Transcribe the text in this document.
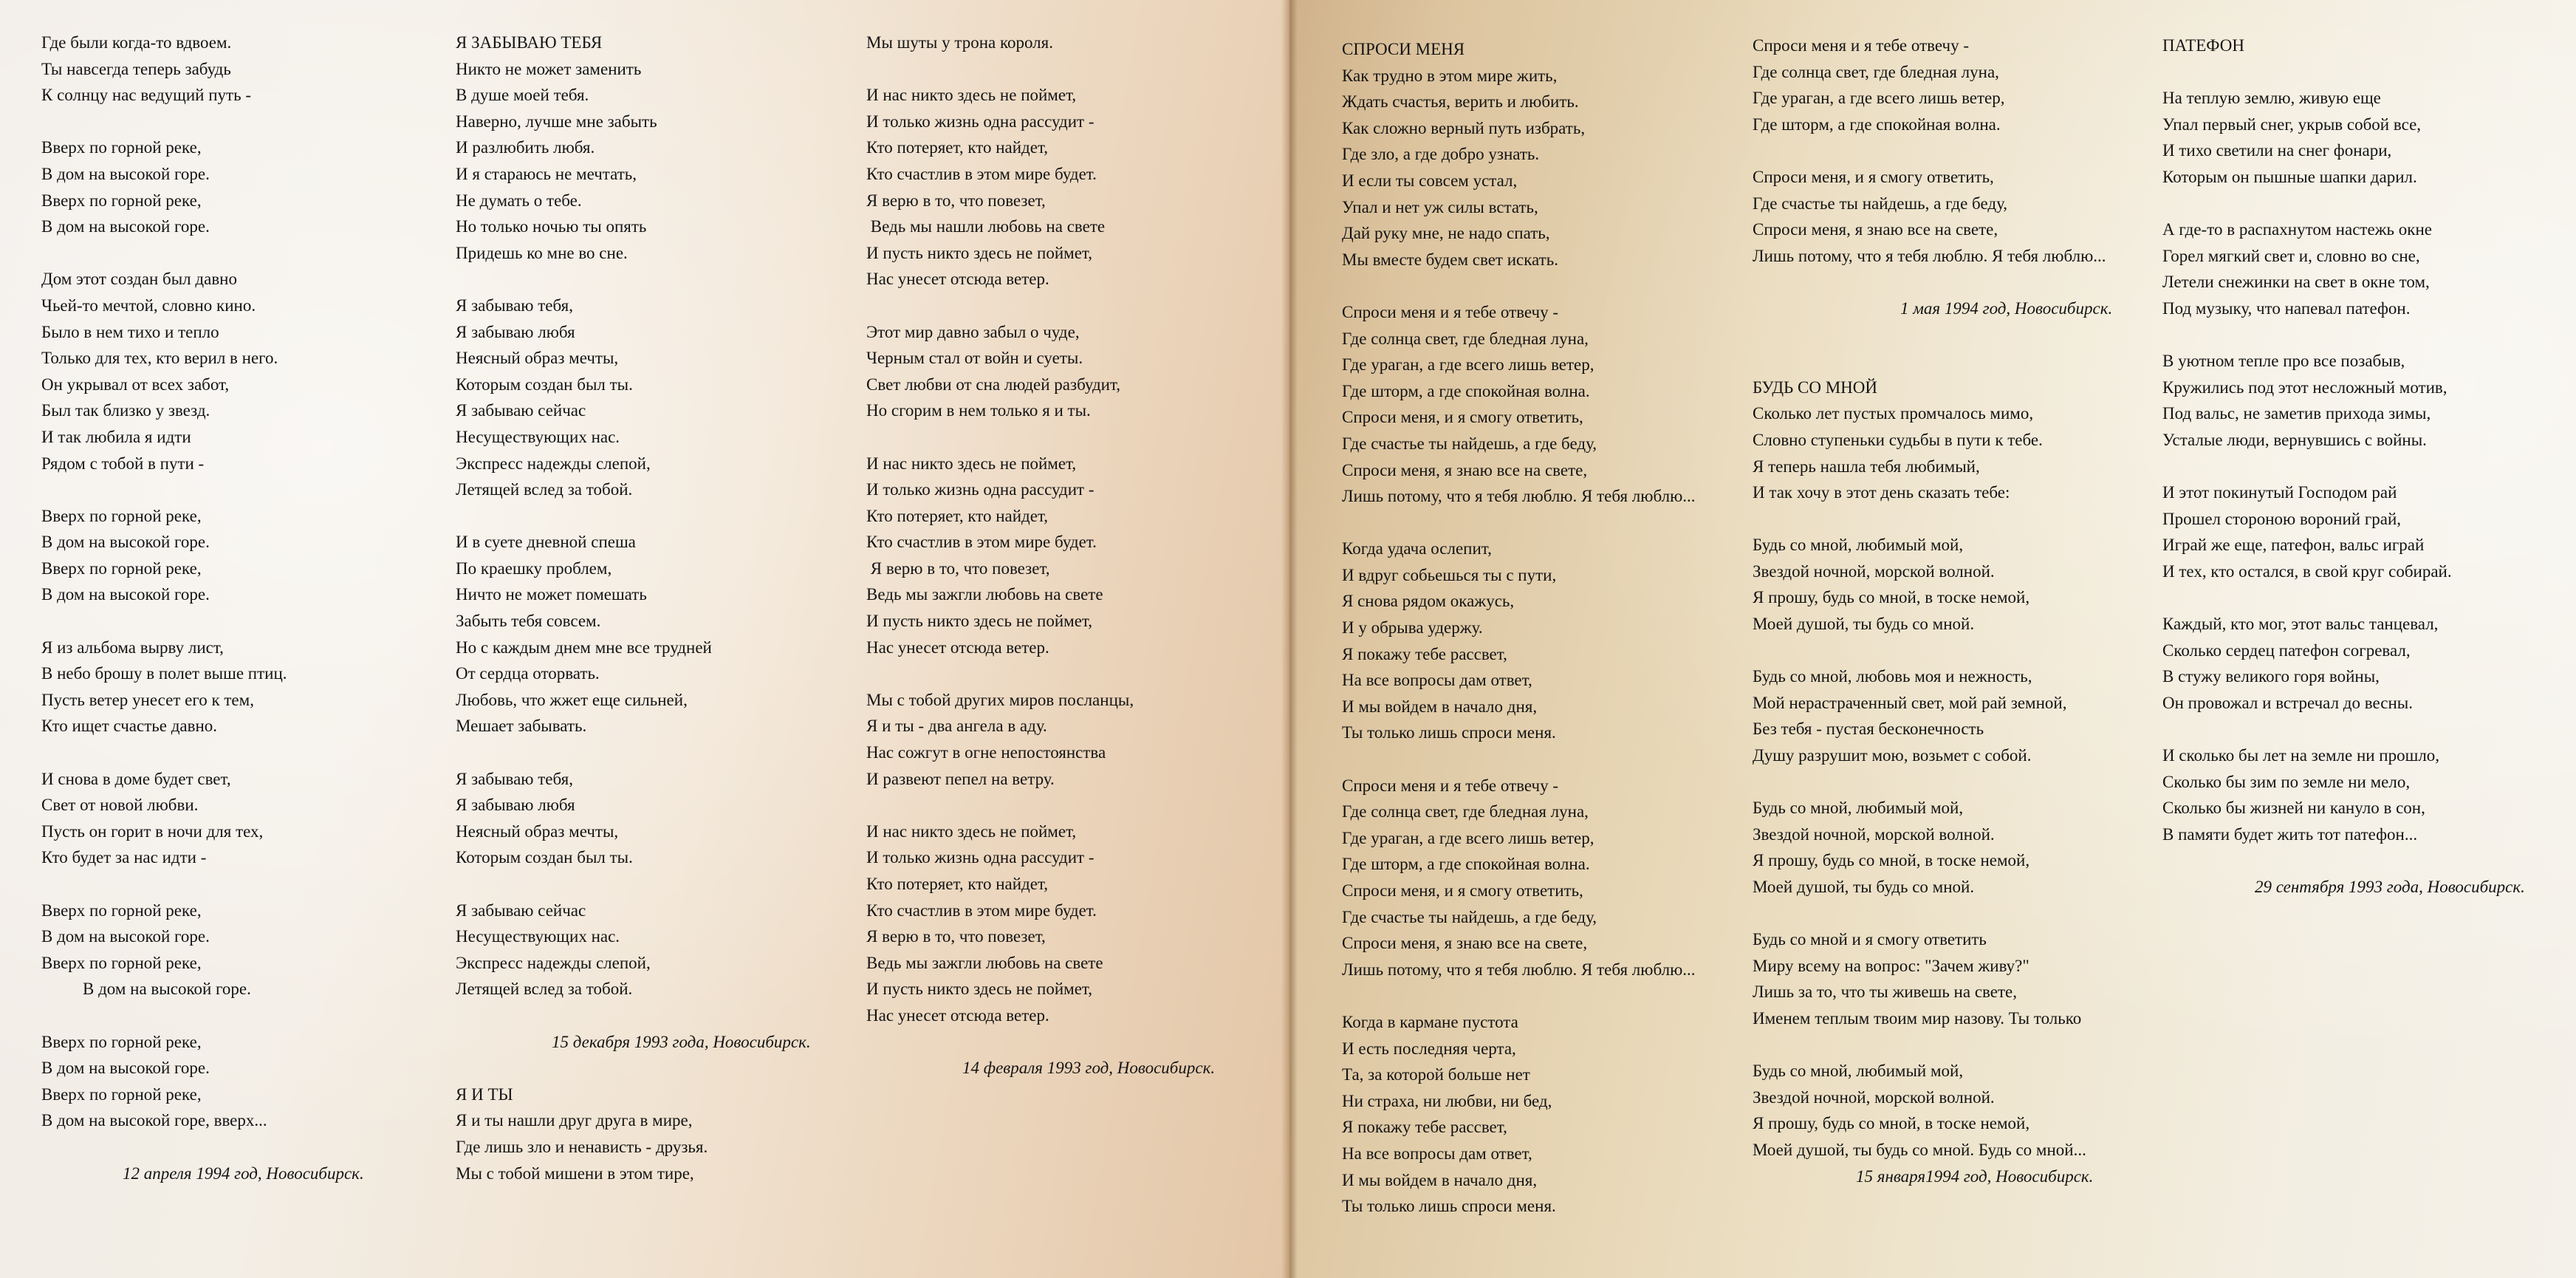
Где были когда-то вдвоем.
Ты навсегда теперь забудь
К солнцу нас ведущий путь -
Вверх по горной реке,
В дом на высокой горе.
Вверх по горной реке,
В дом на высокой горе.
Дом этот создан был давно
Чьей-то мечтой, словно кино.
Было в нем тихо и тепло
Только для тех, кто верил в него.
Он укрывал от всех забот,
Был так близко у звезд.
И так любила я идти
Рядом с тобой в пути -
Вверх по горной реке,
В дом на высокой горе.
Вверх по горной реке,
В дом на высокой горе.
Я из альбома вырву лист,
В небо брошу в полет выше птиц.
Пусть ветер унесет его к тем,
Кто ищет счастье давно.
И снова в доме будет свет,
Свет от новой любви.
Пусть он горит в ночи для тех,
Кто будет за нас идти -
Вверх по горной реке,
В дом на высокой горе.
Вверх по горной реке,
В дом на высокой горе.
Вверх по горной реке,
В дом на высокой горе.
Вверх по горной реке,
В дом на высокой горе, вверх...
12 апреля 1994 год, Новосибирск.
Я ЗАБЫВАЮ ТЕБЯ
Никто не может заменить
В душе моей тебя.
Наверно, лучше мне забыть
И разлюбить любя.
И я стараюсь не мечтать,
Не думать о тебе.
Но только ночью ты опять
Придешь ко мне во сне.
Я забываю тебя,
Я забываю любя
Неясный образ мечты,
Которым создан был ты.
Я забываю сейчас
Несуществующих нас.
Экспресс надежды слепой,
Летящей вслед за тобой.
И в суете дневной спеша
По краешку проблем,
Ничто не может помешать
Забыть тебя совсем.
Но с каждым днем мне все трудней
От сердца оторвать.
Любовь, что жжет еще сильней,
Мешает забывать.
Я забываю тебя,
Я забываю любя
Неясный образ мечты,
Которым создан был ты.
Я забываю сейчас
Несуществующих нас.
Экспресс надежды слепой,
Летящей вслед за тобой.
15 декабря 1993 года, Новосибирск.
Я И ТЫ
Я и ты нашли друг друга в мире,
Где лишь зло и ненависть - друзья.
Мы с тобой мишени в этом тире,
Мы шуты у трона короля.
И нас никто здесь не поймет,
И только жизнь одна рассудит -
Кто потеряет, кто найдет,
Кто счастлив в этом мире будет.
Я верю в то, что повезет,
Ведь мы нашли любовь на свете
И пусть никто здесь не поймет,
Нас унесет отсюда ветер.
Этот мир давно забыл о чуде,
Черным стал от войн и суеты.
Свет любви от сна людей разбудит,
Но сгорим в нем только я и ты.
И нас никто здесь не поймет,
И только жизнь одна рассудит -
Кто потеряет, кто найдет,
Кто счастлив в этом мире будет.
Я верю в то, что повезет,
Ведь мы зажгли любовь на свете
И пусть никто здесь не поймет,
Нас унесет отсюда ветер.
Мы с тобой других миров посланцы,
Я и ты - два ангела в аду.
Нас сожгут в огне непостоянства
И развеют пепел на ветру.
И нас никто здесь не поймет,
И только жизнь одна рассудит -
Кто потеряет, кто найдет,
Кто счастлив в этом мире будет.
Я верю в то, что повезет,
Ведь мы зажгли любовь на свете
И пусть никто здесь не поймет,
Нас унесет отсюда ветер.
14 февраля 1993 год, Новосибирск.
СПРОСИ МЕНЯ
Как трудно в этом мире жить,
Ждать счастья, верить и любить.
Как сложно верный путь избрать,
Где зло, а где добро узнать.
И если ты совсем устал,
Упал и нет уж силы встать,
Дай руку мне, не надо спать,
Мы вместе будем свет искать.
Спроси меня и я тебе отвечу -
Где солнца свет, где бледная луна,
Где ураган, а где всего лишь ветер,
Где шторм, а где спокойная волна.
Спроси меня, и я смогу ответить,
Где счастье ты найдешь, а где беду,
Спроси меня, я знаю все на свете,
Лишь потому, что я тебя люблю. Я тебя люблю...
Когда удача ослепит,
И вдруг собьешься ты с пути,
Я снова рядом окажусь,
И у обрыва удержу.
Я покажу тебе рассвет,
На все вопросы дам ответ,
И мы войдем в начало дня,
Ты только лишь спроси меня.
Спроси меня и я тебе отвечу -
Где солнца свет, где бледная луна,
Где ураган, а где всего лишь ветер,
Где шторм, а где спокойная волна.
Спроси меня, и я смогу ответить,
Где счастье ты найдешь, а где беду,
Спроси меня, я знаю все на свете,
Лишь потому, что я тебя люблю. Я тебя люблю...
Когда в кармане пустота
И есть последняя черта,
Та, за которой больше нет
Ни страха, ни любви, ни бед,
Я покажу тебе рассвет,
На все вопросы дам ответ,
И мы войдем в начало дня,
Ты только лишь спроси меня.
Спроси меня и я тебе отвечу -
Где солнца свет, где бледная луна,
Где ураган, а где всего лишь ветер,
Где шторм, а где спокойная волна.
Спроси меня, и я смогу ответить,
Где счастье ты найдешь, а где беду,
Спроси меня, я знаю все на свете,
Лишь потому, что я тебя люблю. Я тебя люблю...
1 мая 1994 год, Новосибирск.
БУДЬ СО МНОЙ
Сколько лет пустых промчалось мимо,
Словно ступеньки судьбы в пути к тебе.
Я теперь нашла тебя любимый,
И так хочу в этот день сказать тебе:
Будь со мной, любимый мой,
Звездой ночной, морской волной.
Я прошу, будь со мной, в тоске немой,
Моей душой, ты будь со мной.
Будь со мной, любовь моя и нежность,
Мой нерастраченный свет, мой рай земной,
Без тебя - пустая бесконечность
Душу разрушит мою, возьмет с собой.
Будь со мной, любимый мой,
Звездой ночной, морской волной.
Я прошу, будь со мной, в тоске немой,
Моей душой, ты будь со мной.
Будь со мной и я смогу ответить
Миру всему на вопрос: "Зачем живу?"
Лишь за то, что ты живешь на свете,
Именем теплым твоим мир назову. Ты только
Будь со мной, любимый мой,
Звездой ночной, морской волной.
Я прошу, будь со мной, в тоске немой,
Моей душой, ты будь со мной. Будь со мной...
15 января1994 год, Новосибирск.
ПАТЕФОН
На теплую землю, живую еще
Упал первый снег, укрыв собой все,
И тихо светили на снег фонари,
Которым он пышные шапки дарил.
А где-то в распахнутом настежь окне
Горел мягкий свет и, словно во сне,
Летели снежинки на свет в окне том,
Под музыку, что напевал патефон.
В уютном тепле про все позабыв,
Кружились под этот несложный мотив,
Под вальс, не заметив прихода зимы,
Усталые люди, вернувшись с войны.
И этот покинутый Господом рай
Прошел стороною вороний грай,
Играй же еще, патефон, вальс играй
И тех, кто остался, в свой круг собирай.
Каждый, кто мог, этот вальс танцевал,
Сколько сердец патефон согревал,
В стужу великого горя войны,
Он провожал и встречал до весны.
И сколько бы лет на земле ни прошло,
Сколько бы зим по земле ни мело,
Сколько бы жизней ни кануло в сон,
В памяти будет жить тот патефон...
29 сентября 1993 года, Новосибирск.
